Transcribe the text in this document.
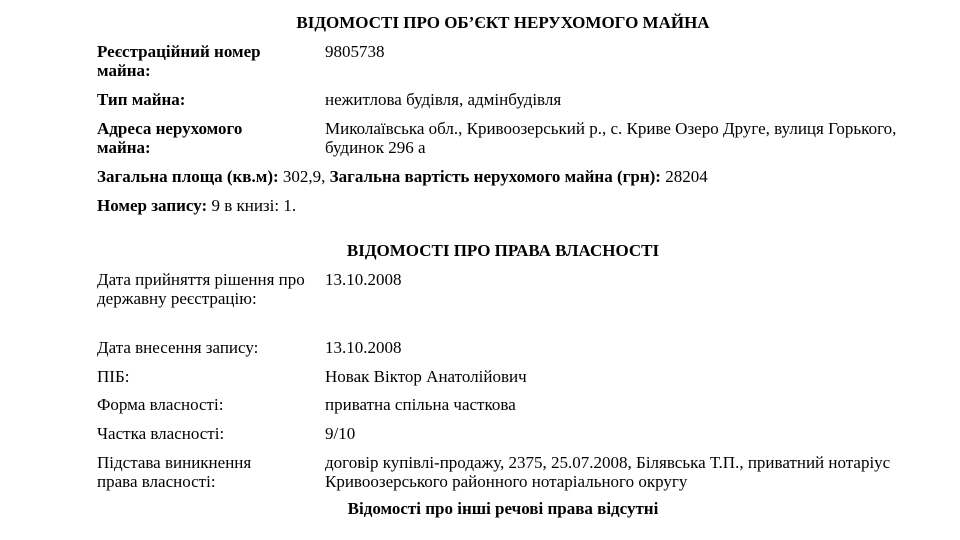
ВІДОМОСТІ ПРО ОБ’ЄКТ НЕРУХОМОГО МАЙНА
Реєстраційний номер майна:
9805738
Тип майна:	нежитлова будівля, адмінбудівля
Адреса нерухомого майна:
Миколаївська обл., Кривоозерський р., с. Криве Озеро Друге, вулиця Горького, будинок 296 а
Загальна площа (кв.м): 302,9, Загальна вартість нерухомого майна (грн): 28204
Номер запису: 9 в книзі: 1.
ВІДОМОСТІ ПРО ПРАВА ВЛАСНОСТІ
Дата прийняття рішення про державну реєстрацію:
13.10.2008
Дата внесення запису:	13.10.2008
ПІБ:	Новак Віктор Анатолійович
Форма власності:	приватна спільна часткова
Частка власності:	9/10
Підстава виникнення права власності:
договір купівлі-продажу, 2375, 25.07.2008, Білявська Т.П., приватний нотаріус Кривоозерського районного нотаріального округу
Відомості про інші речові права відсутні
